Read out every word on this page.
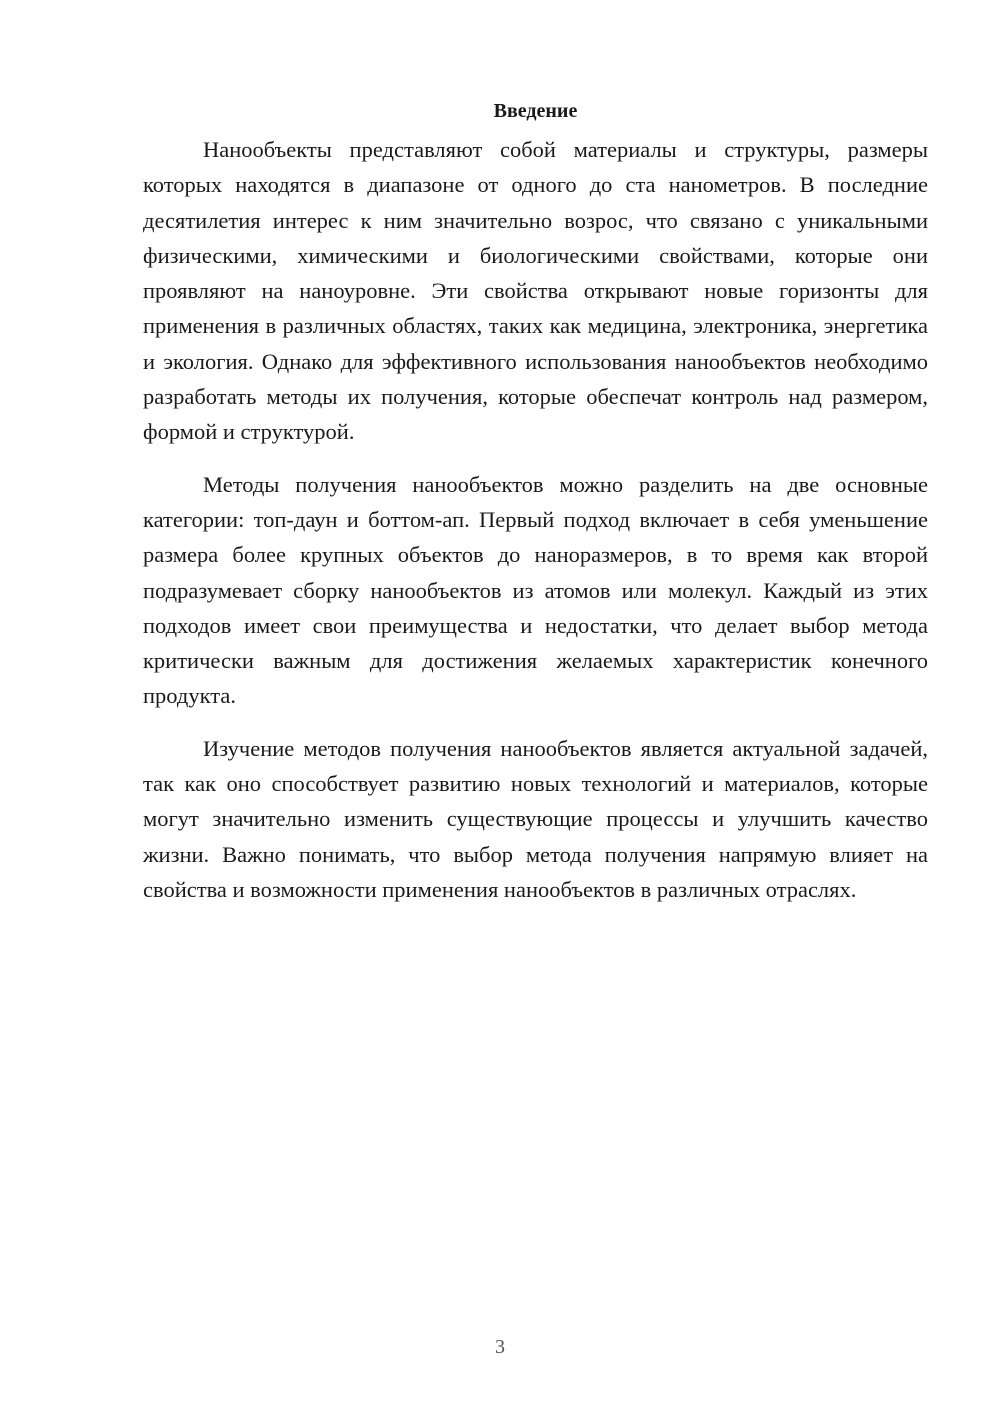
Введение

Нанообъекты представляют собой материалы и структуры, размеры которых находятся в диапазоне от одного до ста нанометров. В последние десятилетия интерес к ним значительно возрос, что связано с уникальными физическими, химическими и биологическими свойствами, которые они проявляют на наноуровне. Эти свойства открывают новые горизонты для применения в различных областях, таких как медицина, электроника, энергетика и экология. Однако для эффективного использования нанообъектов необходимо разработать методы их получения, которые обеспечат контроль над размером, формой и структурой.

Методы получения нанообъектов можно разделить на две основные категории: топ-даун и боттом-ап. Первый подход включает в себя уменьшение размера более крупных объектов до наноразмеров, в то время как второй подразумевает сборку нанообъектов из атомов или молекул. Каждый из этих подходов имеет свои преимущества и недостатки, что делает выбор метода критически важным для достижения желаемых характеристик конечного продукта.

Изучение методов получения нанообъектов является актуальной задачей, так как оно способствует развитию новых технологий и материалов, которые могут значительно изменить существующие процессы и улучшить качество жизни. Важно понимать, что выбор метода получения напрямую влияет на свойства и возможности применения нанообъектов в различных отраслях.

3
